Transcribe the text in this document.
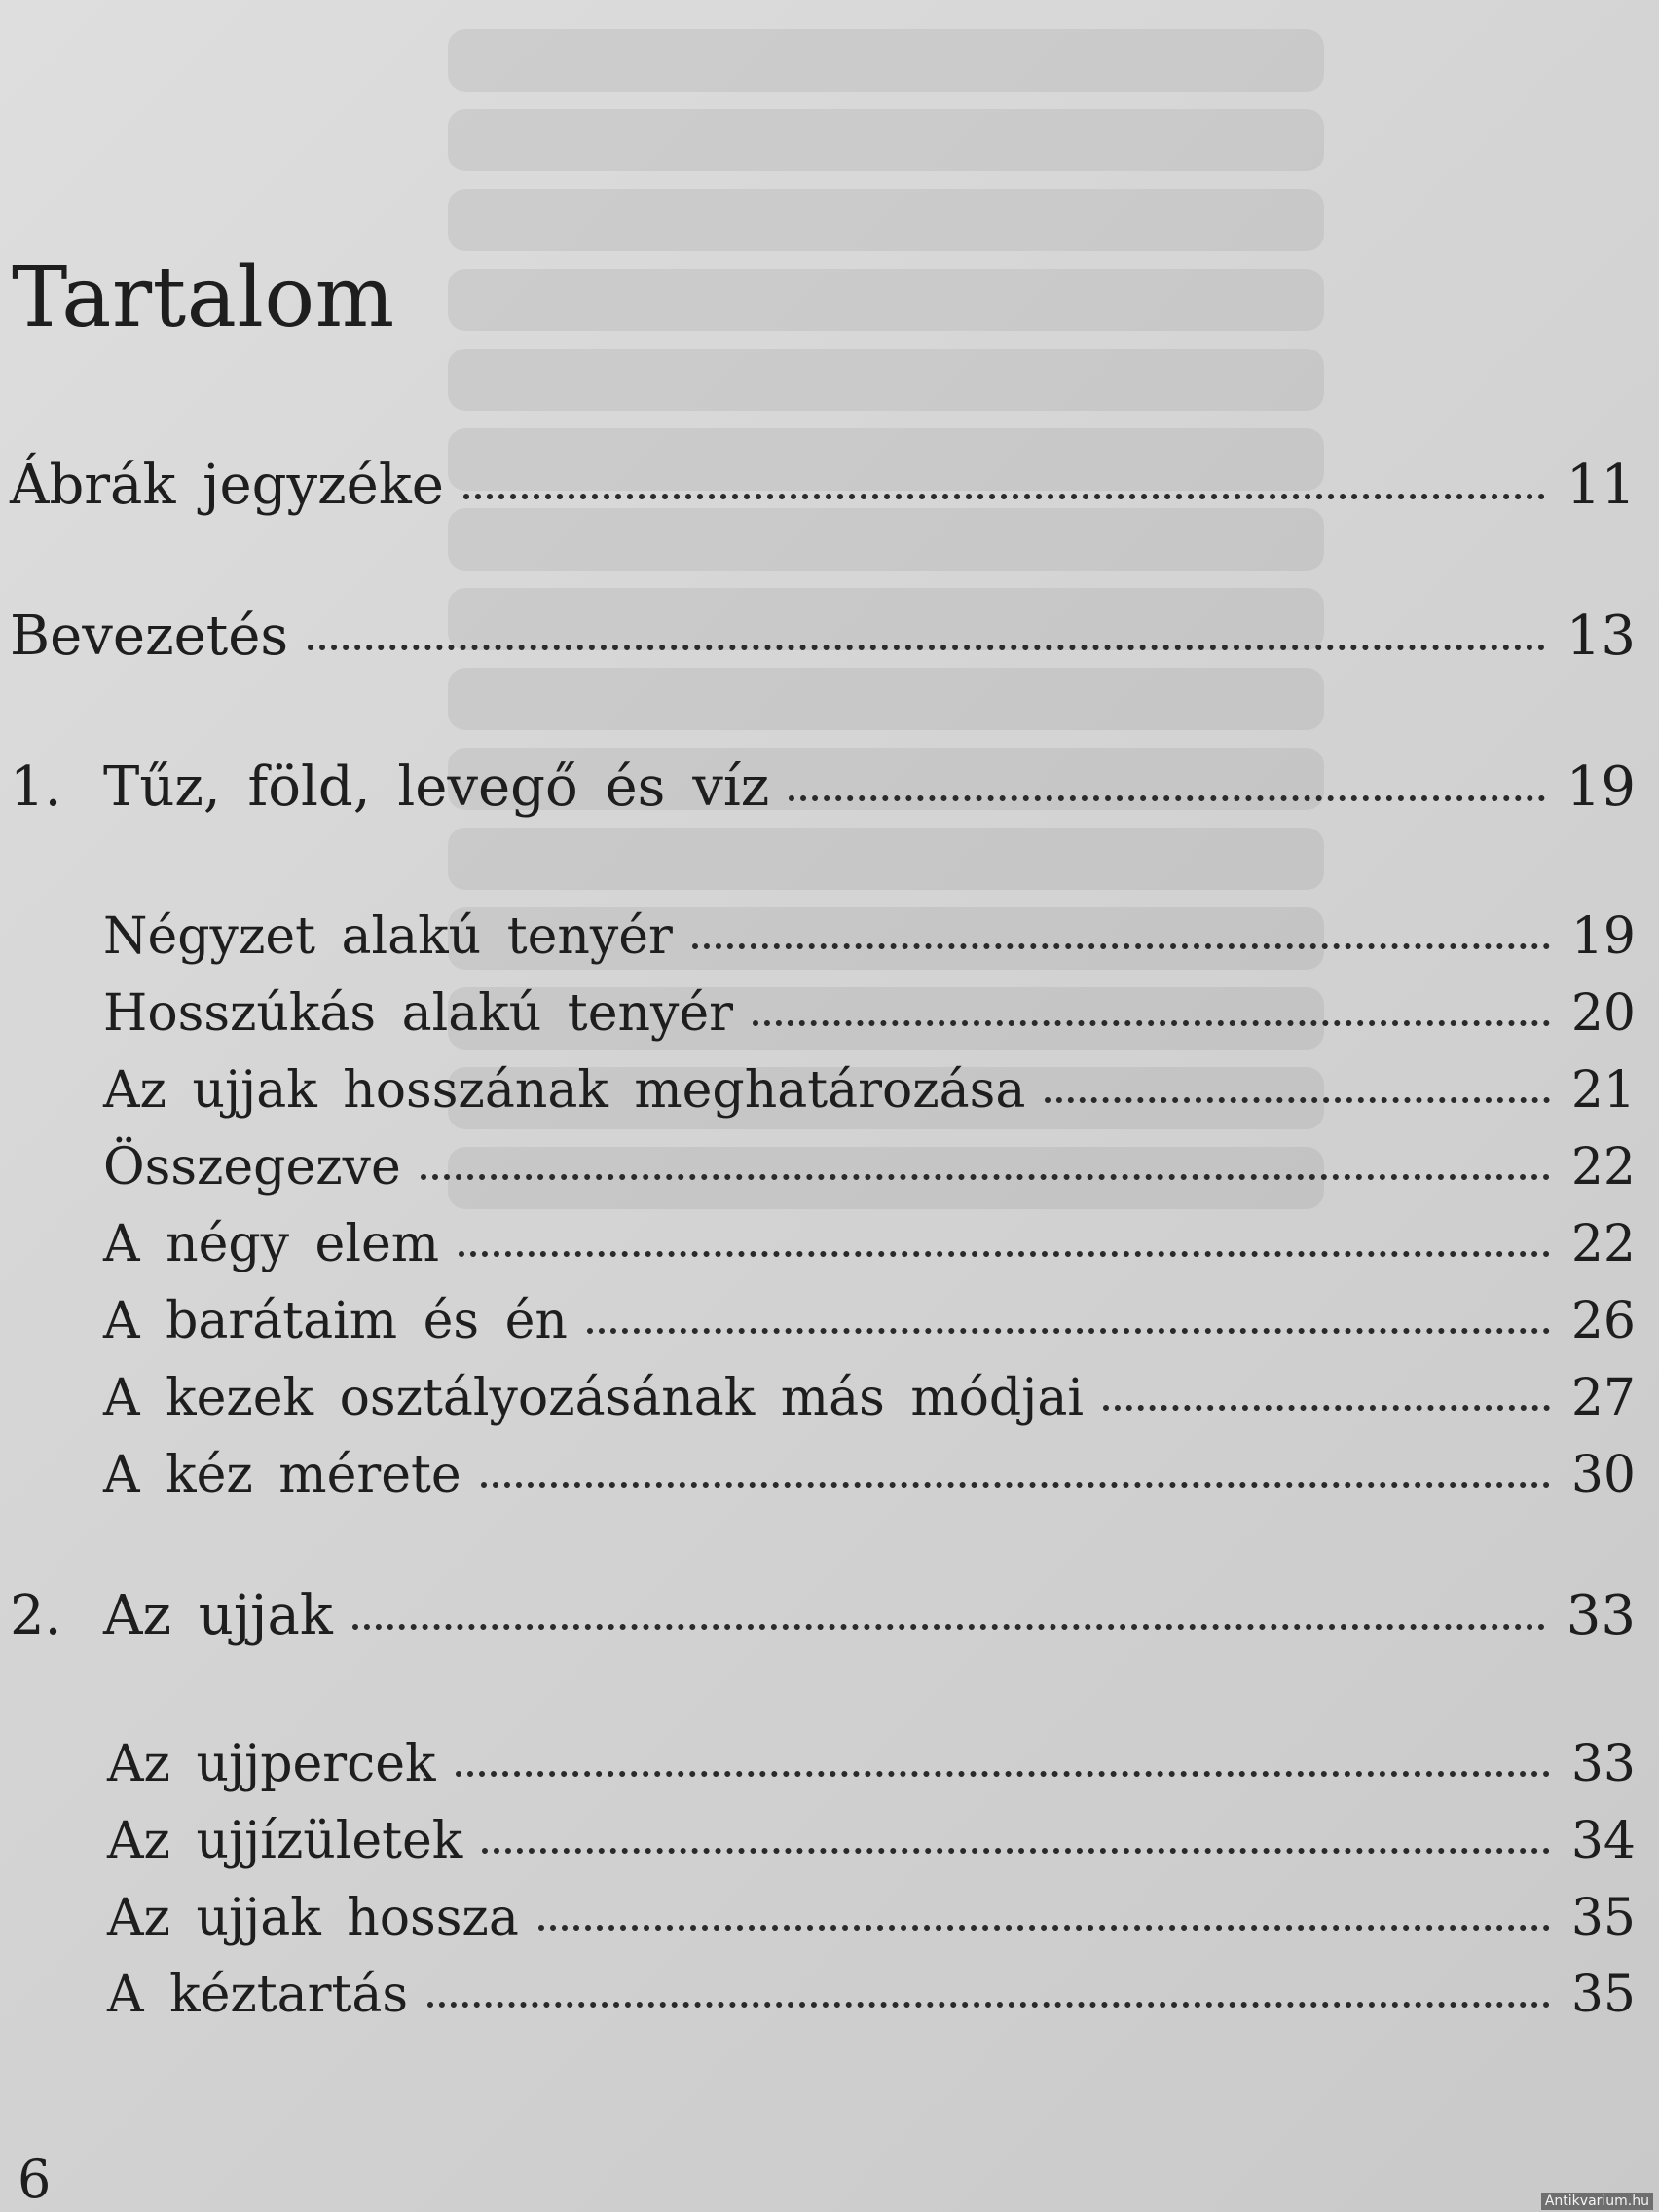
Tartalom
Ábrák jegyzéke	11
Bevezetés	13
1. Tűz, föld, levegő és víz	19
Négyzet alakú tenyér	19
Hosszúkás alakú tenyér	20
Az ujjak hosszának meghatározása	21
Összegezve	22
A négy elem	22
A barátaim és én	26
A kezek osztályozásának más módjai	27
A kéz mérete	30
2. Az ujjak	33
Az ujjpercek	33
Az ujjízületek	34
Az ujjak hossza	35
A kéztartás	35
6	Antikvarium.hu
